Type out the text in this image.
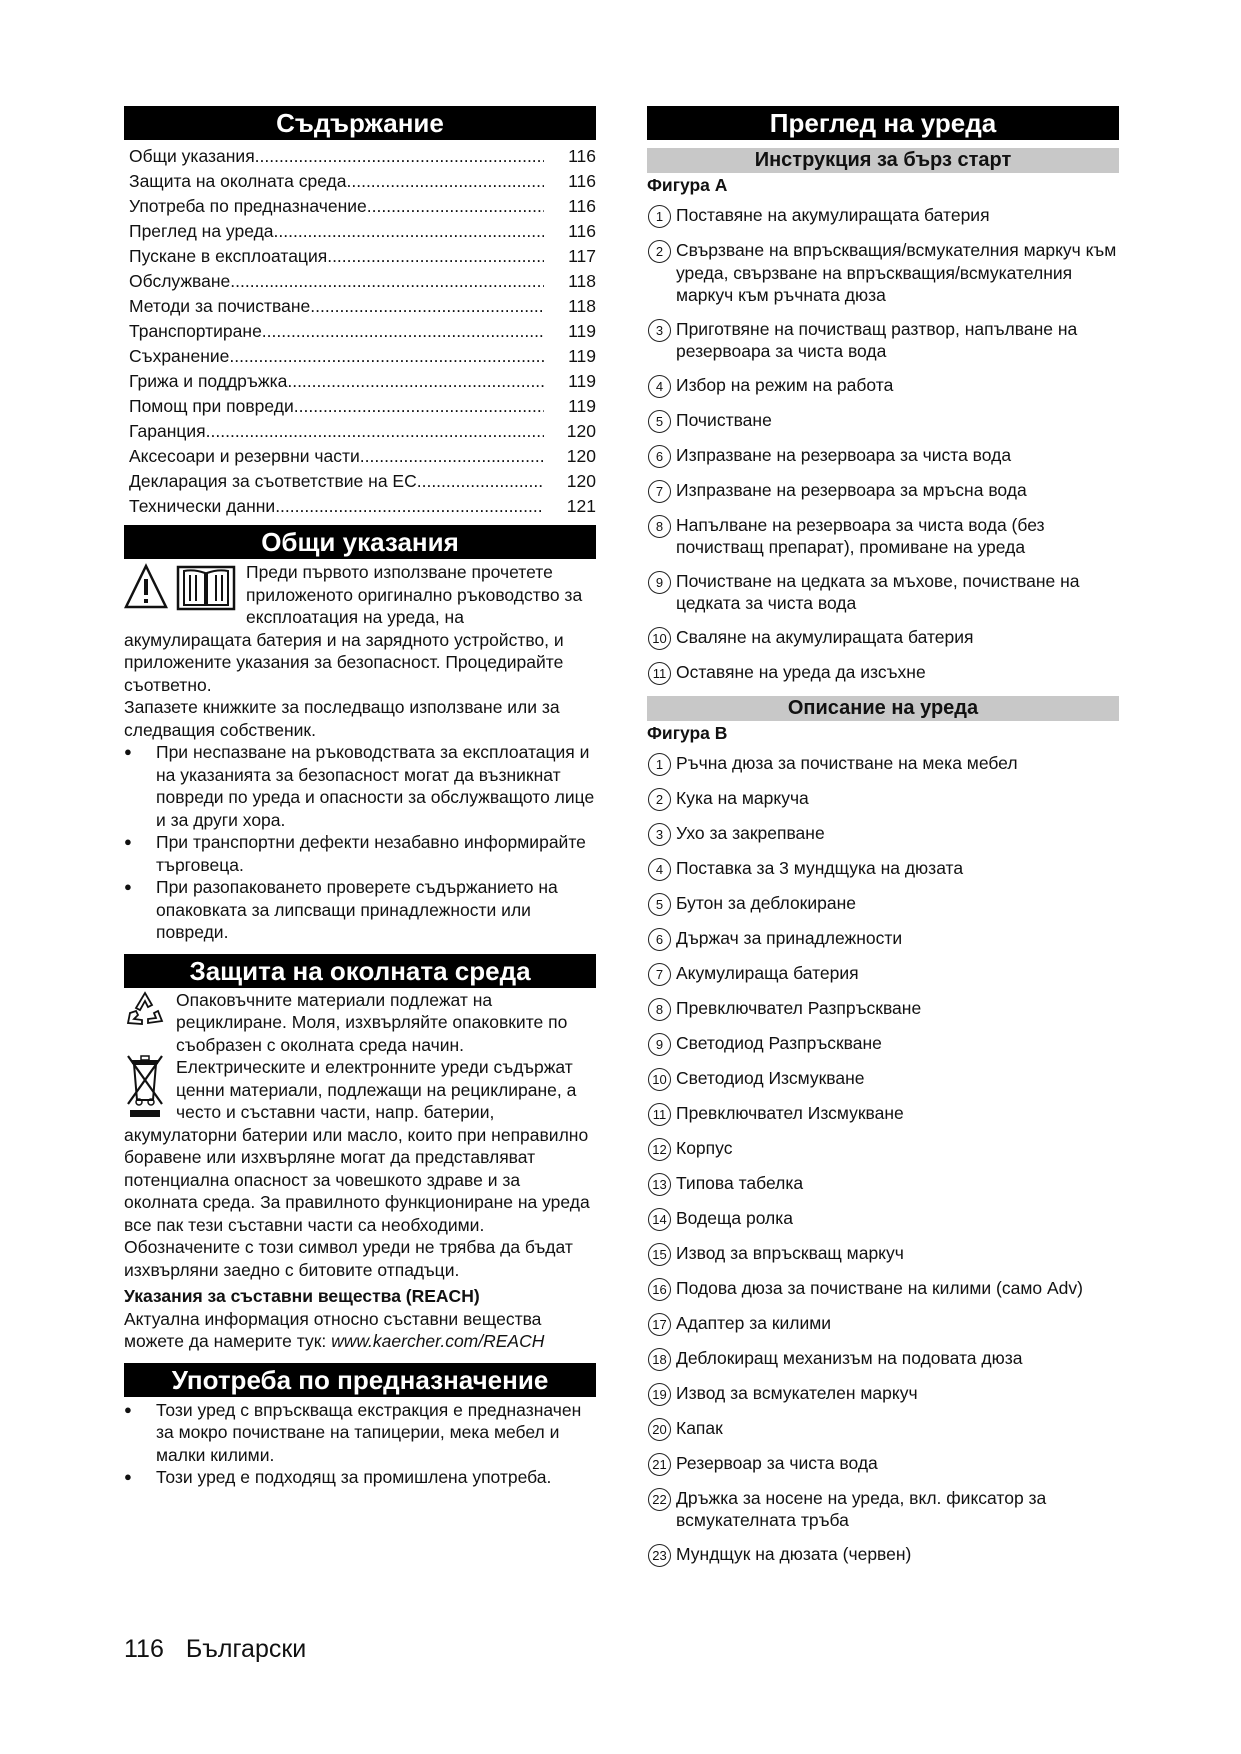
Съдържание
Общи указания .....	116
Защита на околната среда .....	116
Употреба по предназначение .....	116
Преглед на уреда .....	116
Пускане в експлоатация .....	117
Обслужване .....	118
Методи за почистване .....	118
Транспортиране .....	119
Съхранение .....	119
Грижа и поддръжка .....	119
Помощ при повреди .....	119
Гаранция .....	120
Аксесоари и резервни части .....	120
Декларация за съответствие на ЕС .....	120
Технически данни .....	121
Общи указания

Преди първото използване прочетете приложеното оригинално ръководство за експлоатация на уреда, на акумулиращата батерия и на зарядното устройство, и приложените указания за безопасност. Процедирайте съответно.

Запазете книжките за последващо използване или за следващия собственик.

● При неспазване на ръководствата за експлоатация и на указанията за безопасност могат да възникнат повреди по уреда и опасности за обслужващото лице и за други хора.
● При транспортни дефекти незабавно информирайте търговеца.
● При разопаковането проверете съдържанието на опаковката за липсващи принадлежности или повреди.
Защита на околната среда

Опаковъчните материали подлежат на рециклиране. Моля, изхвърляйте опаковките по съобразен с околната среда начин.

Електрическите и електронните уреди съдържат ценни материали, подлежащи на рециклиране, а често и съставни части, напр. батерии, акумулаторни батерии или масло, които при неправилно боравене или изхвърляне могат да представляват потенциална опасност за човешкото здраве и за околната среда. За правилното функциониране на уреда все пак тези съставни части са необходими. Обозначените с този символ уреди не трябва да бъдат изхвърляни заедно с битовите отпадъци.

Указания за съставни вещества (REACH)

Актуална информация относно съставни вещества можете да намерите тук: www.kaercher.com/REACH

Употреба по предназначение
● Този уред с впръскваща екстракция е предназначен за мокро почистване на тапицерии, мека мебел и малки килими.
● Този уред е подходящ за промишлена употреба.
Преглед на уреда
Инструкция за бърз старт
Фигура A
1 Поставяне на акумулиращата батерия
2 Свързване на впръскващия/всмукателния маркуч към уреда, свързване на впръскващия/всмукателния маркуч към ръчната дюза
3 Приготвяне на почистващ разтвор, напълване на резервоара за чиста вода
4 Избор на режим на работа
5 Почистване
6 Изпразване на резервоара за чиста вода
7 Изпразване на резервоара за мръсна вода
8 Напълване на резервоара за чиста вода (без почистващ препарат), промиване на уреда
9 Почистване на цедката за мъхове, почистване на цедката за чиста вода
10 Сваляне на акумулиращата батерия
11 Оставяне на уреда да изсъхне
Описание на уреда
Фигура B
1 Ръчна дюза за почистване на мека мебел
2 Кука на маркуча
3 Ухо за закрепване
4 Поставка за 3 мундщука на дюзата
5 Бутон за деблокиране
6 Държач за принадлежности
7 Акумулираща батерия
8 Превключвател Разпръскване
9 Светодиод Разпръскване
10 Светодиод Изсмукване
11 Превключвател Изсмукване
12 Корпус
13 Типова табелка
14 Водеща ролка
15 Извод за впръскващ маркуч
16 Подова дюза за почистване на килими (само Adv)
17 Адаптер за килими
18 Деблокиращ механизъм на подовата дюза
19 Извод за всмукателен маркуч
20 Капак
21 Резервоар за чиста вода
22 Дръжка за носене на уреда, вкл. фиксатор за всмукателната тръба
23 Мундщук на дюзата (червен)
116 Български
